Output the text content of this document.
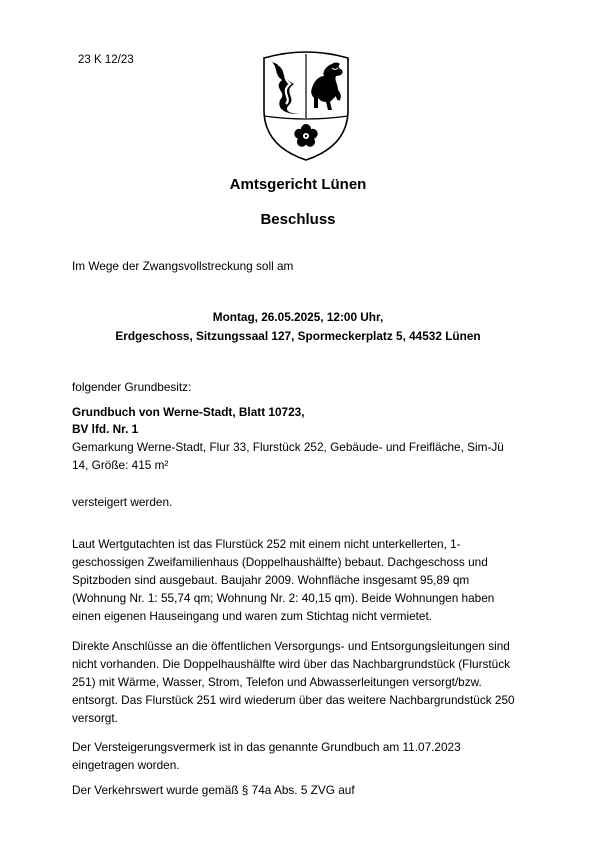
23 K 12/23
Amtsgericht Lünen
Beschluss
Im Wege der Zwangsvollstreckung soll am
Montag, 26.05.2025, 12:00 Uhr,
Erdgeschoss, Sitzungssaal 127, Spormeckerplatz 5, 44532 Lünen
folgender Grundbesitz:
Grundbuch von Werne-Stadt, Blatt 10723,
BV lfd. Nr. 1
Gemarkung Werne-Stadt, Flur 33, Flurstück 252, Gebäude- und Freifläche, Sim-Jü
14, Größe: 415 m²
versteigert werden.
Laut Wertgutachten ist das Flurstück 252 mit einem nicht unterkellerten, 1-
geschossigen Zweifamilienhaus (Doppelhaushälfte) bebaut. Dachgeschoss und
Spitzboden sind ausgebaut. Baujahr 2009. Wohnfläche insgesamt 95,89 qm
(Wohnung Nr. 1: 55,74 qm; Wohnung Nr. 2: 40,15 qm). Beide Wohnungen haben
einen eigenen Hauseingang und waren zum Stichtag nicht vermietet.
Direkte Anschlüsse an die öffentlichen Versorgungs- und Entsorgungsleitungen sind
nicht vorhanden. Die Doppelhaushälfte wird über das Nachbargrundstück (Flurstück
251) mit Wärme, Wasser, Strom, Telefon und Abwasserleitungen versorgt/bzw.
entsorgt. Das Flurstück 251 wird wiederum über das weitere Nachbargrundstück 250
versorgt.
Der Versteigerungsvermerk ist in das genannte Grundbuch am 11.07.2023
eingetragen worden.
Der Verkehrswert wurde gemäß § 74a Abs. 5 ZVG auf
